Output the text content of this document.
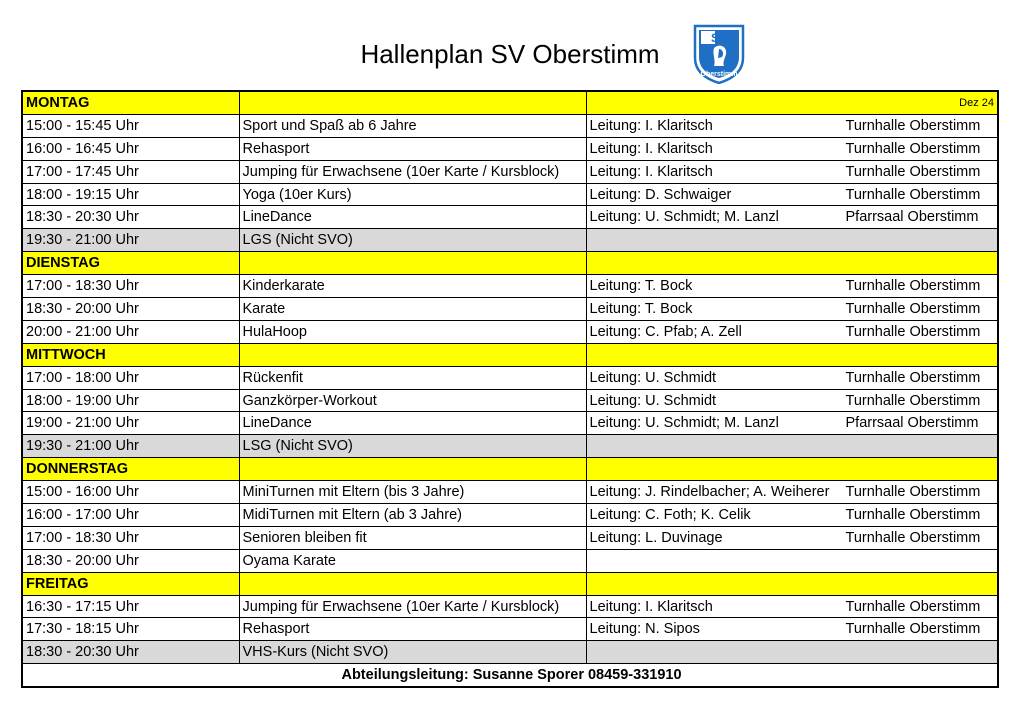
Hallenplan SV Oberstimm
SV
Oberstimm
MONTAG		Dez 24

15:00 - 15:45 Uhr	Sport und Spaß ab 6 Jahre	Leitung: I. Klaritsch Turnhalle Oberstimm
16:00 - 16:45 Uhr	Rehasport	Leitung: I. Klaritsch Turnhalle Oberstimm
17:00 - 17:45 Uhr	Jumping für Erwachsene (10er Karte / Kursblock)	Leitung: I. Klaritsch Turnhalle Oberstimm
18:00 - 19:15 Uhr	Yoga (10er Kurs)	Leitung: D. Schwaiger Turnhalle Oberstimm
18:30 - 20:30 Uhr	LineDance	Leitung: U. Schmidt; M. Lanzl Pfarrsaal Oberstimm
19:30 - 21:00 Uhr	LGS (Nicht SVO)	
DIENSTAG		
17:00 - 18:30 Uhr	Kinderkarate	Leitung: T. Bock Turnhalle Oberstimm
18:30 - 20:00 Uhr	Karate	Leitung: T. Bock Turnhalle Oberstimm
20:00 - 21:00 Uhr	HulaHoop	Leitung: C. Pfab; A. Zell Turnhalle Oberstimm
MITTWOCH		
17:00 - 18:00 Uhr	Rückenfit	Leitung: U. Schmidt Turnhalle Oberstimm
18:00 - 19:00 Uhr	Ganzkörper-Workout	Leitung: U. Schmidt Turnhalle Oberstimm
19:00 - 21:00 Uhr	LineDance	Leitung: U. Schmidt; M. Lanzl Pfarrsaal Oberstimm
19:30 - 21:00 Uhr	LSG (Nicht SVO)	
DONNERSTAG		
15:00 - 16:00 Uhr	MiniTurnen mit Eltern (bis 3 Jahre)	Leitung: J. Rindelbacher; A. Weiherer Turnhalle Oberstimm
16:00 - 17:00 Uhr	MidiTurnen mit Eltern (ab 3 Jahre)	Leitung: C. Foth; K. Celik Turnhalle Oberstimm
17:00 - 18:30 Uhr	Senioren bleiben fit	Leitung: L. Duvinage Turnhalle Oberstimm
18:30 - 20:00 Uhr	Oyama Karate	
FREITAG		
16:30 - 17:15 Uhr	Jumping für Erwachsene (10er Karte / Kursblock)	Leitung: I. Klaritsch Turnhalle Oberstimm
17:30 - 18:15 Uhr	Rehasport	Leitung: N. Sipos Turnhalle Oberstimm
18:30 - 20:30 Uhr	VHS-Kurs (Nicht SVO)	
Abteilungsleitung: Susanne Sporer 08459-331910		
